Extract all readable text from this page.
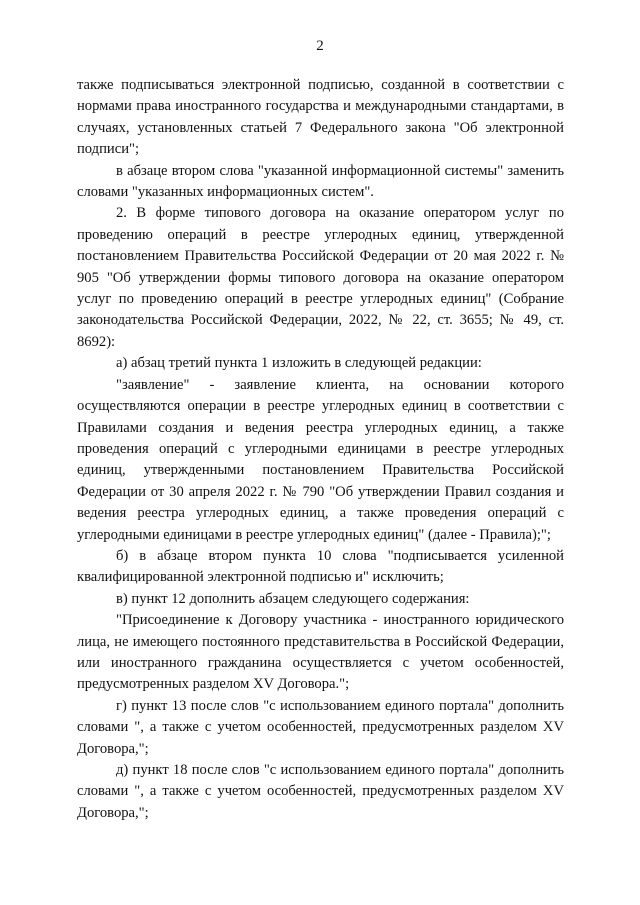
2

также подписываться электронной подписью, созданной в соответствии с нормами права иностранного государства и международными стандартами, в случаях, установленных статьей 7 Федерального закона "Об электронной подписи";

в абзаце втором слова "указанной информационной системы" заменить словами "указанных информационных систем".

2. В форме типового договора на оказание оператором услуг по проведению операций в реестре углеродных единиц, утвержденной постановлением Правительства Российской Федерации от 20 мая 2022 г. № 905 "Об утверждении формы типового договора на оказание оператором услуг по проведению операций в реестре углеродных единиц" (Собрание законодательства Российской Федерации, 2022, № 22, ст. 3655; № 49, ст. 8692):

а) абзац третий пункта 1 изложить в следующей редакции:

"заявление" - заявление клиента, на основании которого осуществляются операции в реестре углеродных единиц в соответствии с Правилами создания и ведения реестра углеродных единиц, а также проведения операций с углеродными единицами в реестре углеродных единиц, утвержденными постановлением Правительства Российской Федерации от 30 апреля 2022 г. № 790 "Об утверждении Правил создания и ведения реестра углеродных единиц, а также проведения операций с углеродными единицами в реестре углеродных единиц" (далее - Правила);";

б) в абзаце втором пункта 10 слова "подписывается усиленной квалифицированной электронной подписью и" исключить;

в) пункт 12 дополнить абзацем следующего содержания:

"Присоединение к Договору участника - иностранного юридического лица, не имеющего постоянного представительства в Российской Федерации, или иностранного гражданина осуществляется с учетом особенностей, предусмотренных разделом XV Договора.";

г) пункт 13 после слов "с использованием единого портала" дополнить словами ", а также с учетом особенностей, предусмотренных разделом XV Договора,";

д) пункт 18 после слов "с использованием единого портала" дополнить словами ", а также с учетом особенностей, предусмотренных разделом XV Договора,";
